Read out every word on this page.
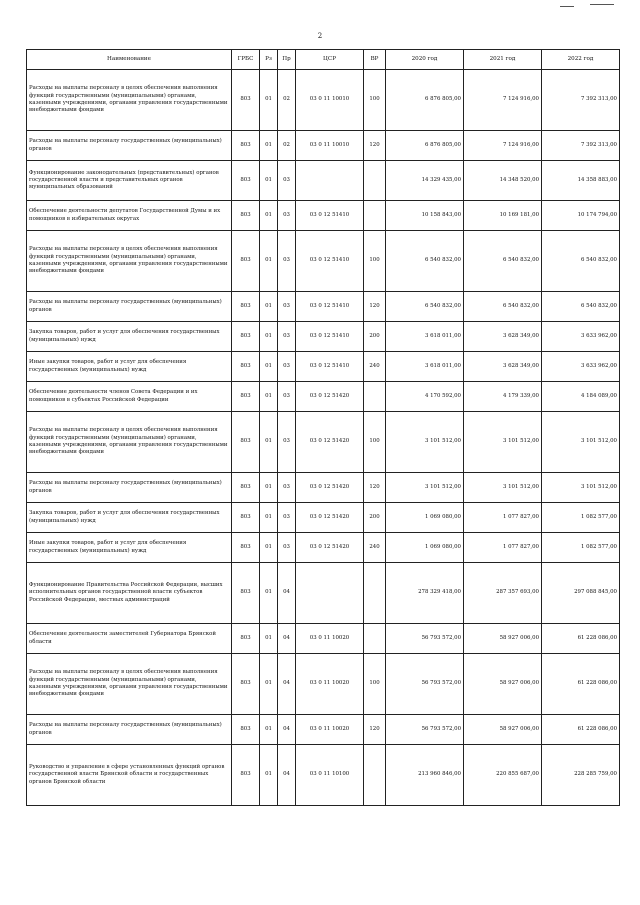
2
Наименование	ГРБС	Рз	Пр	ЦСР	ВР	2020 год	2021 год	2022 год
Расходы на выплаты персоналу в целях обеспечения выполнения функций государственными (муниципальными) органами, казенными учреждениями, органами управления государственными внебюджетными фондами	803	01	02	03 0 11 10010	100	6 876 805,00	7 124 916,00	7 392 313,00
Расходы на выплаты персоналу государственных (муниципальных) органов	803	01	02	03 0 11 10010	120	6 876 805,00	7 124 916,00	7 392 313,00
Функционирование законодательных (представительных) органов государственной власти и представительных органов муниципальных образований	803	01	03			14 329 435,00	14 348 520,00	14 358 883,00
Обеспечение деятельности депутатов Государственной Думы и их помощников в избирательных округах	803	01	03	03 0 12 51410		10 158 843,00	10 169 181,00	10 174 794,00
Расходы на выплаты персоналу в целях обеспечения выполнения функций государственными (муниципальными) органами, казенными учреждениями, органами управления государственными внебюджетными фондами	803	01	03	03 0 12 51410	100	6 540 832,00	6 540 832,00	6 540 832,00
Расходы на выплаты персоналу государственных (муниципальных) органов	803	01	03	03 0 12 51410	120	6 540 832,00	6 540 832,00	6 540 832,00
Закупка товаров, работ и услуг для обеспечения государственных (муниципальных) нужд	803	01	03	03 0 12 51410	200	3 618 011,00	3 628 349,00	3 633 962,00
Иные закупки товаров, работ и услуг для обеспечения государственных (муниципальных) нужд	803	01	03	03 0 12 51410	240	3 618 011,00	3 628 349,00	3 633 962,00
Обеспечение деятельности членов Совета Федерации и их помощников в субъектах Российской Федерации	803	01	03	03 0 12 51420		4 170 592,00	4 179 339,00	4 184 089,00
Расходы на выплаты персоналу в целях обеспечения выполнения функций государственными (муниципальными) органами, казенными учреждениями, органами управления государственными внебюджетными фондами	803	01	03	03 0 12 51420	100	3 101 512,00	3 101 512,00	3 101 512,00
Расходы на выплаты персоналу государственных (муниципальных) органов	803	01	03	03 0 12 51420	120	3 101 512,00	3 101 512,00	3 101 512,00
Закупка товаров, работ и услуг для обеспечения государственных (муниципальных) нужд	803	01	03	03 0 12 51420	200	1 069 080,00	1 077 827,00	1 082 577,00
Иные закупки товаров, работ и услуг для обеспечения государственных (муниципальных) нужд	803	01	03	03 0 12 51420	240	1 069 080,00	1 077 827,00	1 082 577,00
Функционирование Правительства Российской Федерации, высших исполнительных органов государственной власти субъектов Российской Федерации, местных администраций	803	01	04			278 329 418,00	287 357 693,00	297 088 845,00
Обеспечение деятельности заместителей Губернатора Брянской области	803	01	04	03 0 11 10020		56 793 572,00	58 927 006,00	61 228 086,00
Расходы на выплаты персоналу в целях обеспечения выполнения функций государственными (муниципальными) органами, казенными учреждениями, органами управления государственными внебюджетными фондами	803	01	04	03 0 11 10020	100	56 793 572,00	58 927 006,00	61 228 086,00
Расходы на выплаты персоналу государственных (муниципальных) органов	803	01	04	03 0 11 10020	120	56 793 572,00	58 927 006,00	61 228 086,00
Руководство и управление в сфере установленных функций органов государственной власти Брянской области и государственных органов Брянской области	803	01	04	03 0 11 10100		213 960 846,00	220 855 687,00	228 285 759,00
